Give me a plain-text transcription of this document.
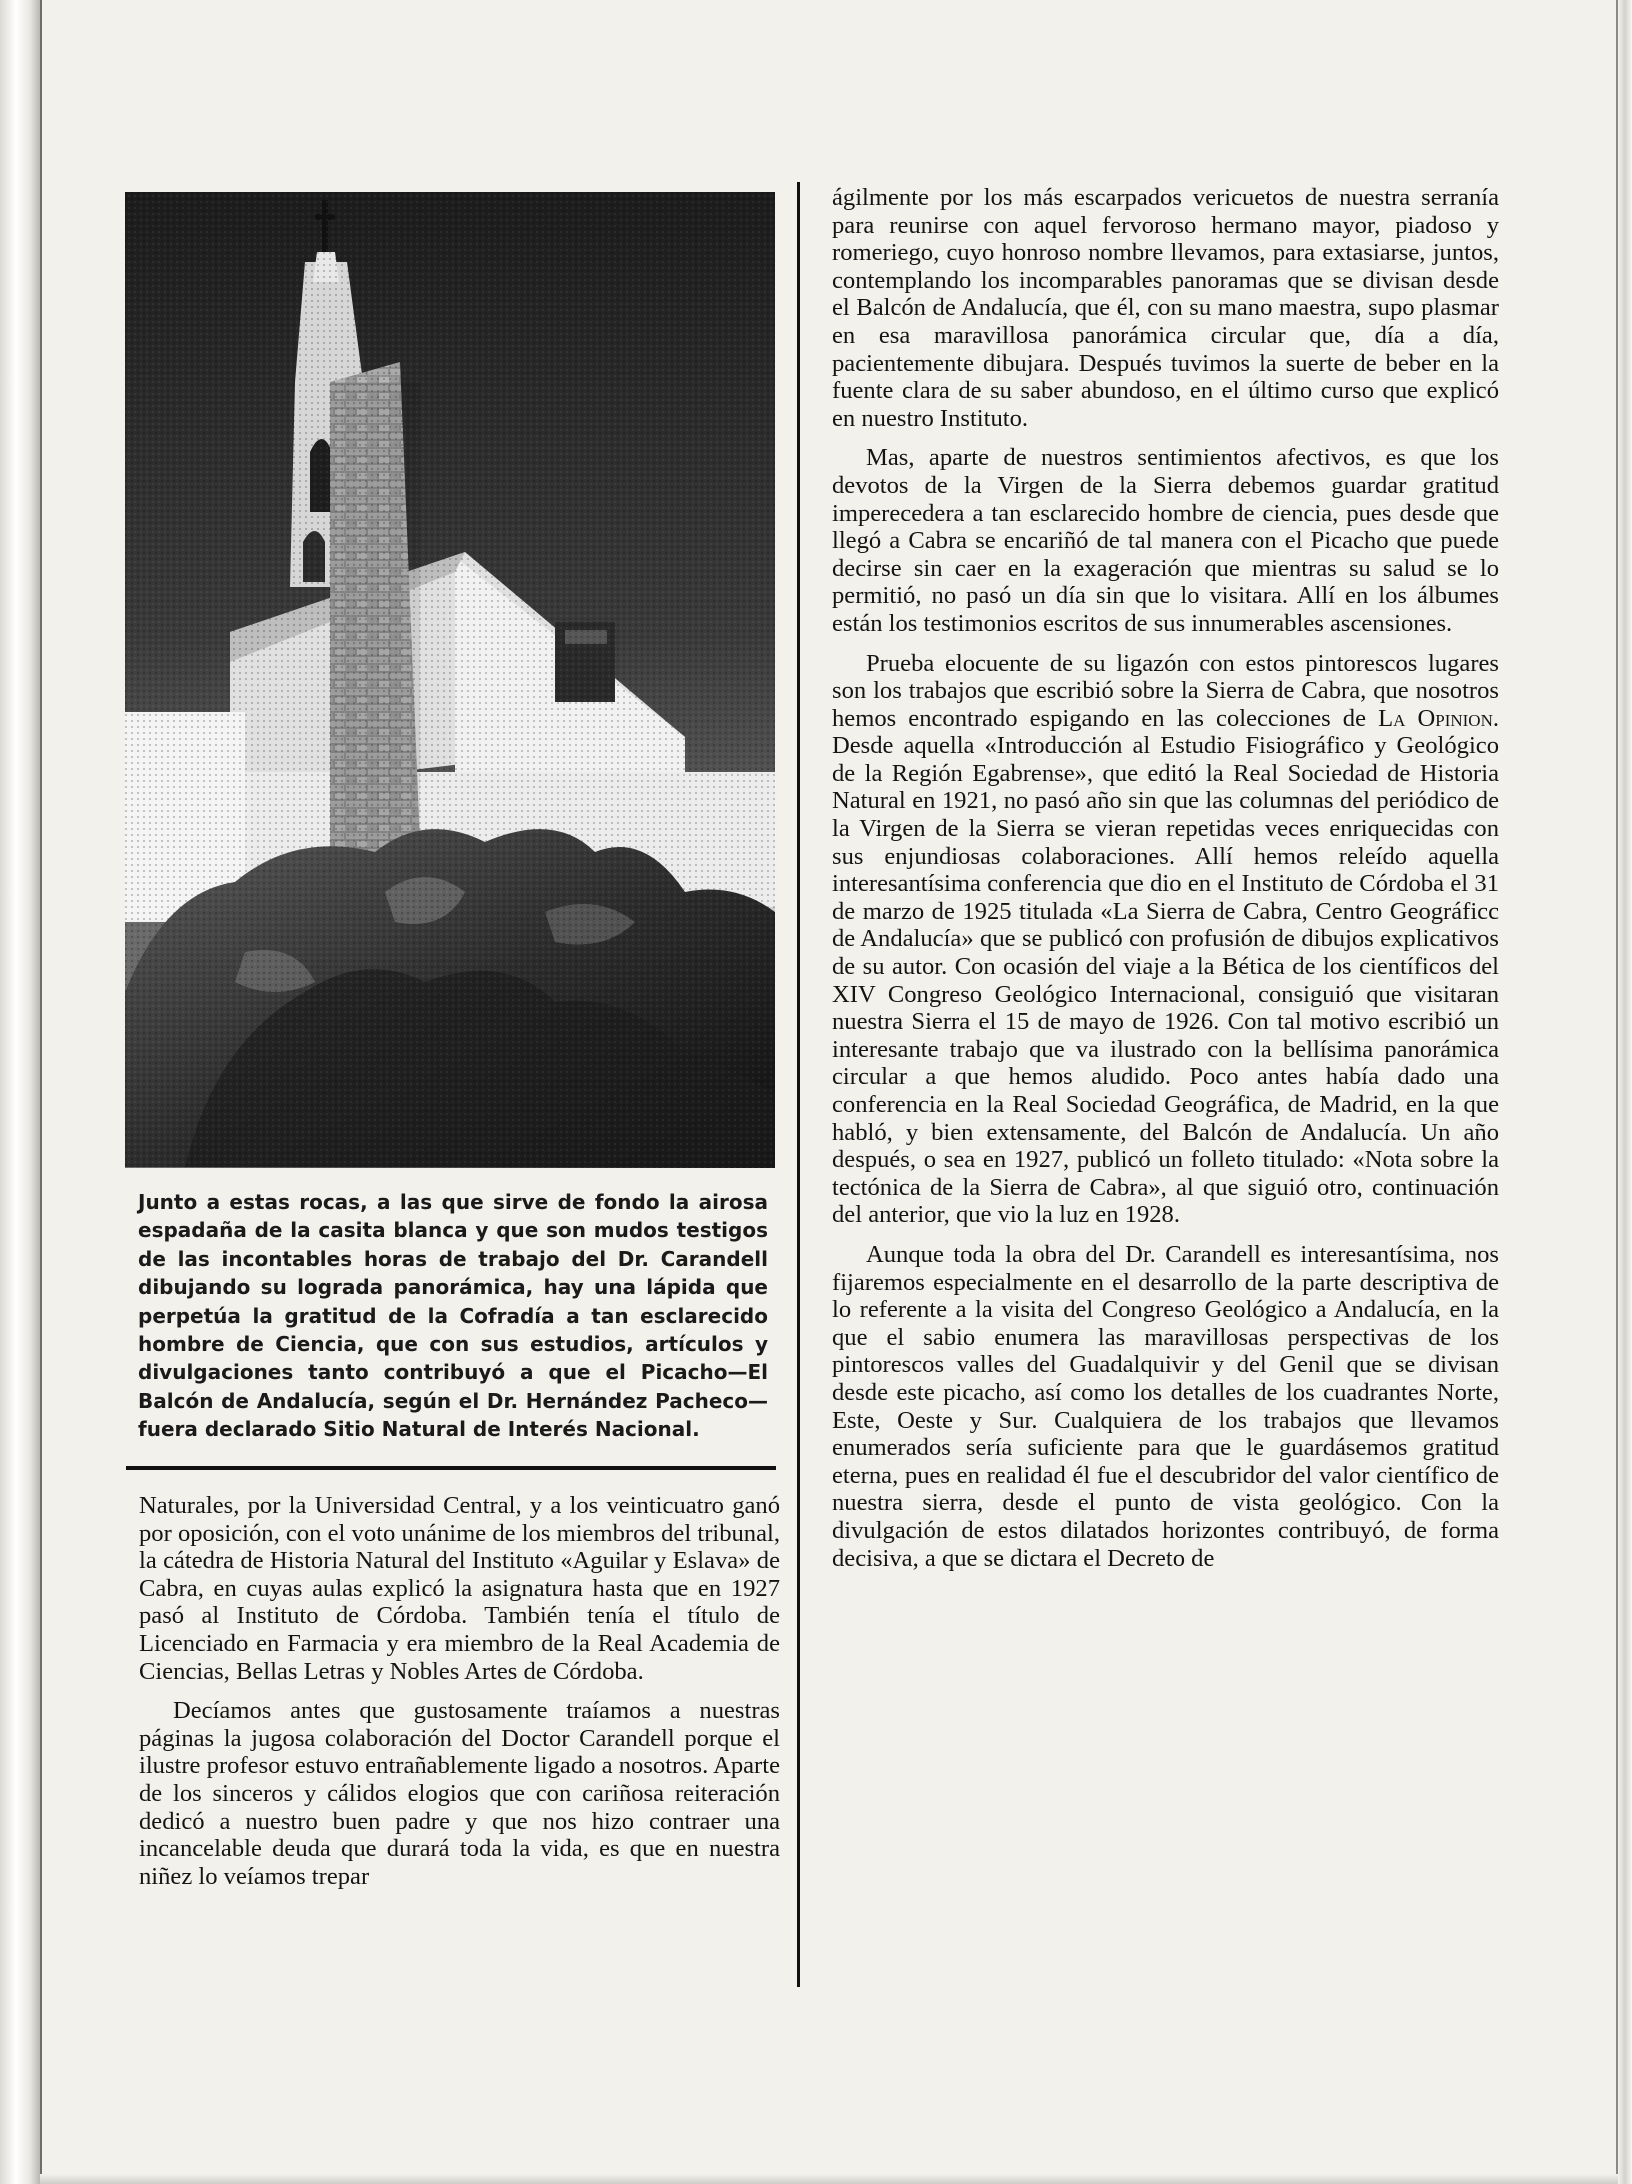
Junto a estas rocas, a las que sirve de fondo la airosa espadaña de la casita blanca y que son mudos testigos de las incontables horas de trabajo del Dr. Carandell dibujando su lograda panorámica, hay una lápida que perpetúa la gratitud de la Cofradía a tan esclarecido hombre de Ciencia, que con sus estudios, artículos y divulgaciones tanto contribuyó a que el Picacho—El Balcón de Andalucía, según el Dr. Hernández Pacheco—fuera declarado Sitio Natural de Interés Nacional.

Naturales, por la Universidad Central, y a los veinticuatro ganó por oposición, con el voto unánime de los miembros del tribunal, la cátedra de Historia Natural del Instituto «Aguilar y Eslava» de Cabra, en cuyas aulas explicó la asignatura hasta que en 1927 pasó al Instituto de Córdoba. También tenía el título de Licenciado en Farmacia y era miembro de la Real Academia de Ciencias, Bellas Letras y Nobles Artes de Córdoba.

Decíamos antes que gustosamente traíamos a nuestras páginas la jugosa colaboración del Doctor Carandell porque el ilustre profesor estuvo entrañablemente ligado a nosotros. Aparte de los sinceros y cálidos elogios que con cariñosa reiteración dedicó a nuestro buen padre y que nos hizo contraer una incancelable deuda que durará toda la vida, es que en nuestra niñez lo veíamos trepar

ágilmente por los más escarpados vericuetos de nuestra serranía para reunirse con aquel fervoroso hermano mayor, piadoso y romeriego, cuyo honroso nombre llevamos, para extasiarse, juntos, contemplando los incomparables panoramas que se divisan desde el Balcón de Andalucía, que él, con su mano maestra, supo plasmar en esa maravillosa panorámica circular que, día a día, pacientemente dibujara. Después tuvimos la suerte de beber en la fuente clara de su saber abundoso, en el último curso que explicó en nuestro Instituto.

Mas, aparte de nuestros sentimientos afectivos, es que los devotos de la Virgen de la Sierra debemos guardar gratitud imperecedera a tan esclarecido hombre de ciencia, pues desde que llegó a Cabra se encariñó de tal manera con el Picacho que puede decirse sin caer en la exageración que mientras su salud se lo permitió, no pasó un día sin que lo visitara. Allí en los álbumes están los testimonios escritos de sus innumerables ascensiones.

Prueba elocuente de su ligazón con estos pintorescos lugares son los trabajos que escribió sobre la Sierra de Cabra, que nosotros hemos encontrado espigando en las colecciones de La Opinion. Desde aquella «Introducción al Estudio Fisiográfico y Geológico de la Región Egabrense», que editó la Real Sociedad de Historia Natural en 1921, no pasó año sin que las columnas del periódico de la Virgen de la Sierra se vieran repetidas veces enriquecidas con sus enjundiosas colaboraciones. Allí hemos releído aquella interesantísima conferencia que dio en el Instituto de Córdoba el 31 de marzo de 1925 titulada «La Sierra de Cabra, Centro Geográficc de Andalucía» que se publicó con profusión de dibujos explicativos de su autor. Con ocasión del viaje a la Bética de los científicos del XIV Congreso Geológico Internacional, consiguió que visitaran nuestra Sierra el 15 de mayo de 1926. Con tal motivo escribió un interesante trabajo que va ilustrado con la bellísima panorámica circular a que hemos aludido. Poco antes había dado una conferencia en la Real Sociedad Geográfica, de Madrid, en la que habló, y bien extensamente, del Balcón de Andalucía. Un año después, o sea en 1927, publicó un folleto titulado: «Nota sobre la tectónica de la Sierra de Cabra», al que siguió otro, continuación del anterior, que vio la luz en 1928.

Aunque toda la obra del Dr. Carandell es interesantísima, nos fijaremos especialmente en el desarrollo de la parte descriptiva de lo referente a la visita del Congreso Geológico a Andalucía, en la que el sabio enumera las maravillosas perspectivas de los pintorescos valles del Guadalquivir y del Genil que se divisan desde este picacho, así como los detalles de los cuadrantes Norte, Este, Oeste y Sur. Cualquiera de los trabajos que llevamos enumerados sería suficiente para que le guardásemos gratitud eterna, pues en realidad él fue el descubridor del valor científico de nuestra sierra, desde el punto de vista geológico. Con la divulgación de estos dilatados horizontes contribuyó, de forma decisiva, a que se dictara el Decreto de
